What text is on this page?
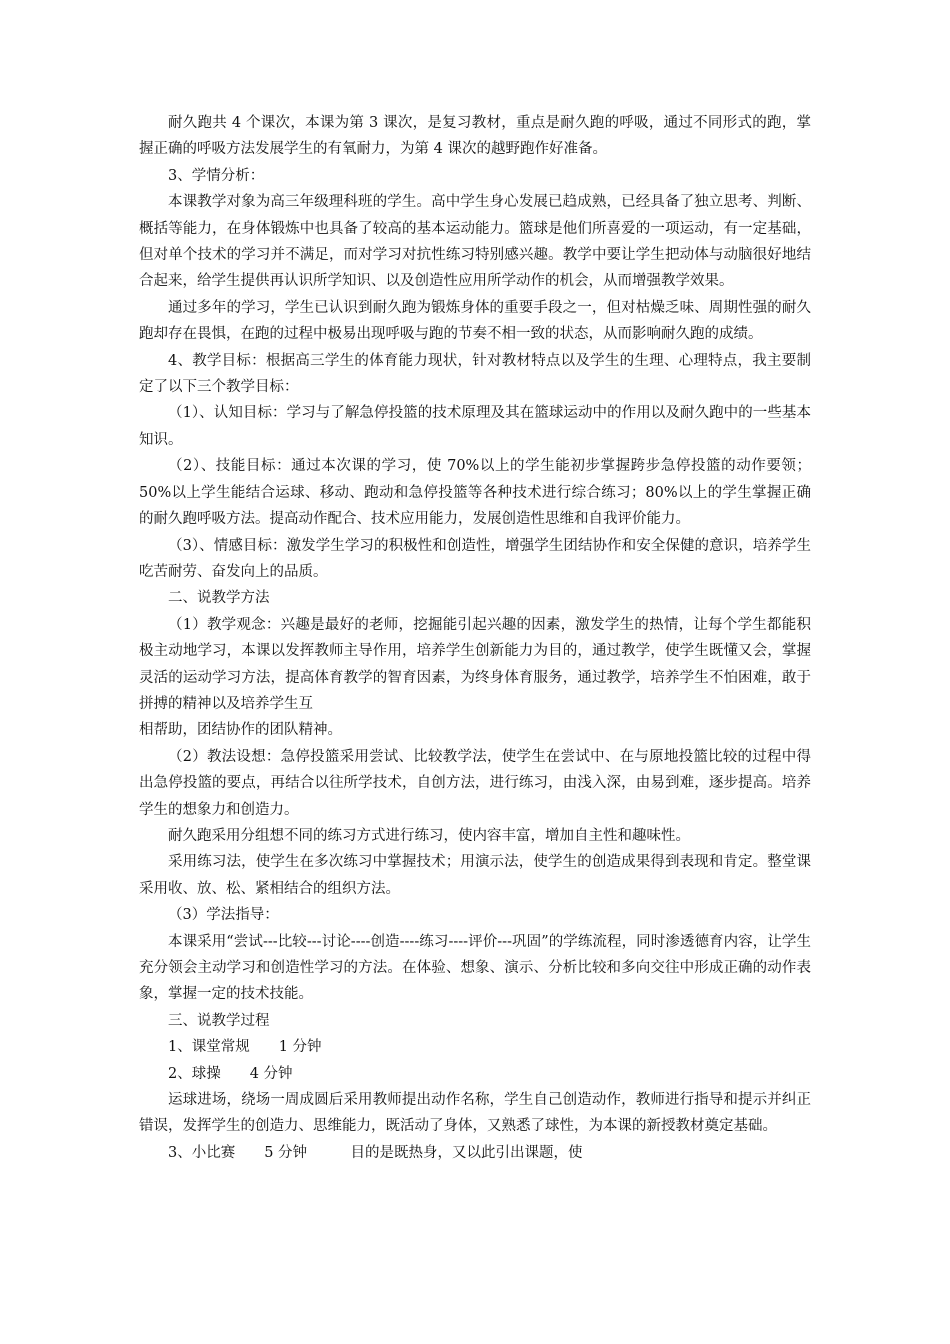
耐久跑共 4 个课次，本课为第 3 课次，是复习教材，重点是耐久跑的呼吸，通过不同形式的跑，掌握正确的呼吸方法发展学生的有氧耐力，为第 4 课次的越野跑作好准备。

3、学情分析：

本课教学对象为高三年级理科班的学生。高中学生身心发展已趋成熟，已经具备了独立思考、判断、概括等能力，在身体锻炼中也具备了较高的基本运动能力。篮球是他们所喜爱的一项运动，有一定基础，但对单个技术的学习并不满足，而对学习对抗性练习特别感兴趣。教学中要让学生把动体与动脑很好地结合起来，给学生提供再认识所学知识、以及创造性应用所学动作的机会，从而增强教学效果。

通过多年的学习，学生已认识到耐久跑为锻炼身体的重要手段之一，但对枯燥乏味、周期性强的耐久跑却存在畏惧，在跑的过程中极易出现呼吸与跑的节奏不相一致的状态，从而影响耐久跑的成绩。

4、教学目标：根据高三学生的体育能力现状，针对教材特点以及学生的生理、心理特点，我主要制定了以下三个教学目标：

（1）、认知目标：学习与了解急停投篮的技术原理及其在篮球运动中的作用以及耐久跑中的一些基本知识。

（2）、技能目标：通过本次课的学习，使 70%以上的学生能初步掌握跨步急停投篮的动作要领；50%以上学生能结合运球、移动、跑动和急停投篮等各种技术进行综合练习；80%以上的学生掌握正确的耐久跑呼吸方法。提高动作配合、技术应用能力，发展创造性思维和自我评价能力。

（3）、情感目标：激发学生学习的积极性和创造性，增强学生团结协作和安全保健的意识，培养学生吃苦耐劳、奋发向上的品质。

二、说教学方法

（1）教学观念：兴趣是最好的老师，挖掘能引起兴趣的因素，激发学生的热情，让每个学生都能积极主动地学习，本课以发挥教师主导作用，培养学生创新能力为目的，通过教学，使学生既懂又会，掌握灵活的运动学习方法，提高体育教学的智育因素，为终身体育服务，通过教学，培养学生不怕困难，敢于拼搏的精神以及培养学生互

相帮助，团结协作的团队精神。

（2）教法设想：急停投篮采用尝试、比较教学法，使学生在尝试中、在与原地投篮比较的过程中得出急停投篮的要点，再结合以往所学技术，自创方法，进行练习，由浅入深，由易到难，逐步提高。培养学生的想象力和创造力。

耐久跑采用分组想不同的练习方式进行练习，使内容丰富，增加自主性和趣味性。

采用练习法，使学生在多次练习中掌握技术；用演示法，使学生的创造成果得到表现和肯定。整堂课采用收、放、松、紧相结合的组织方法。

（3）学法指导：

本课采用“尝试---比较---讨论----创造----练习----评价---巩固”的学练流程，同时渗透德育内容，让学生充分领会主动学习和创造性学习的方法。在体验、想象、演示、分析比较和多向交往中形成正确的动作表象，掌握一定的技术技能。

三、说教学过程

1、课堂常规　　1 分钟

2、球操　　4 分钟

运球进场，绕场一周成圆后采用教师提出动作名称，学生自己创造动作，教师进行指导和提示并纠正错误，发挥学生的创造力、思维能力，既活动了身体，又熟悉了球性，为本课的新授教材奠定基础。

3、小比赛　　5 分钟　　　目的是既热身，又以此引出课题，使
